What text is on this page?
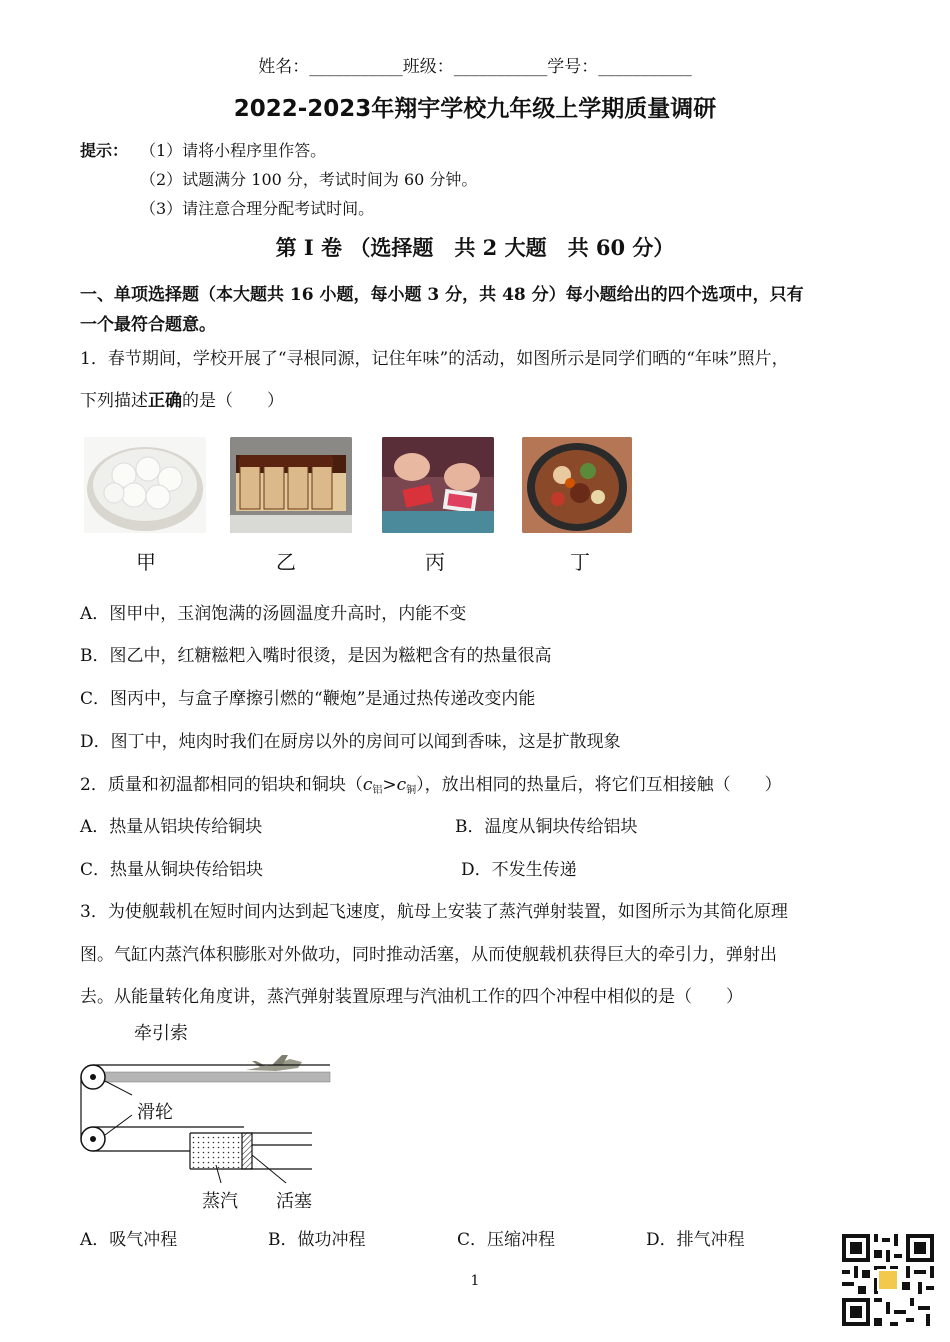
姓名：___________班级：___________学号：___________
2022-2023年翔宇学校九年级上学期质量调研
提示： （1）请将小程序里作答。
（2）试题满分 100 分，考试时间为 60 分钟。
（3）请注意合理分配考试时间。
第 I 卷 （选择题　共 2 大题　共 60 分）
一、单项选择题（本大题共 16 小题，每小题 3 分，共 48 分）每小题给出的四个选项中，只有
一个最符合题意。
1．春节期间，学校开展了“寻根同源，记住年味”的活动，如图所示是同学们晒的“年味”照片，
下列描述正确的是（　　）
甲	乙	丙	丁
A．图甲中，玉润饱满的汤圆温度升高时，内能不变
B．图乙中，红糖糍粑入嘴时很烫，是因为糍粑含有的热量很高
C．图丙中，与盒子摩擦引燃的“鞭炮”是通过热传递改变内能
D．图丁中，炖肉时我们在厨房以外的房间可以闻到香味，这是扩散现象
2．质量和初温都相同的铝块和铜块$(c_铝>c_铜)$，放出相同的热量后，将它们互相接触（　　）
A．热量从铝块传给铜块	B．温度从铜块传给铝块
C．热量从铜块传给铝块	D．不发生传递
3．为使舰载机在短时间内达到起飞速度，航母上安装了蒸汽弹射装置，如图所示为其简化原理
图。气缸内蒸汽体积膨胀对外做功，同时推动活塞，从而使舰载机获得巨大的牵引力，弹射出
去。从能量转化角度讲，蒸汽弹射装置原理与汽油机工作的四个冲程中相似的是（　　）
牵引索
滑轮
蒸汽 活塞
A．吸气冲程	B．做功冲程	C．压缩冲程	D．排气冲程
1
